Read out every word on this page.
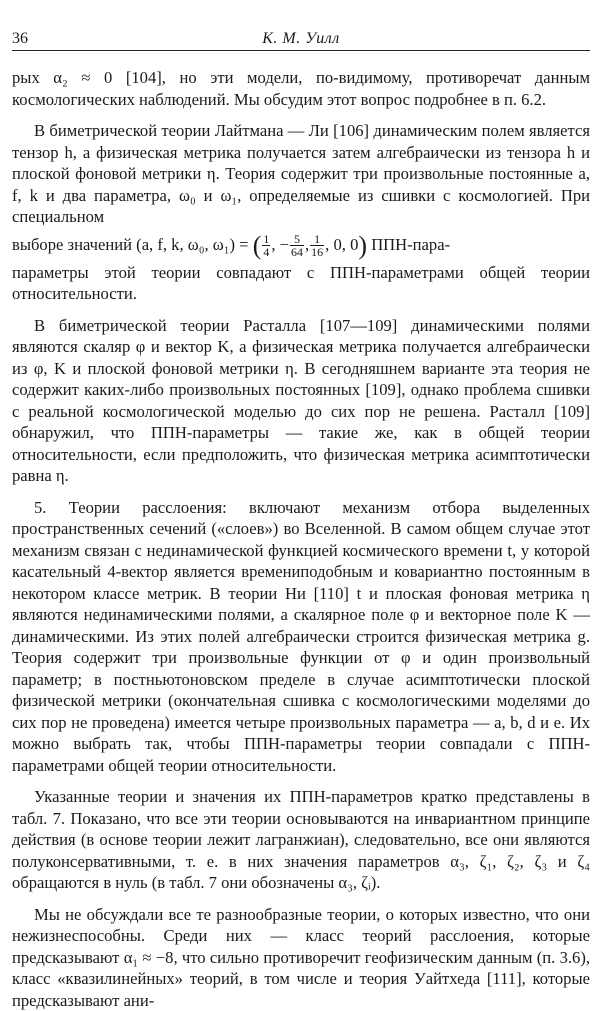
36	К. М. Уилл

рых α₂ ≈ 0 [104], но эти модели, по-видимому, противоречат данным космологических наблюдений. Мы обсудим этот вопрос подробнее в п. 6.2.

В биметрической теории Лайтмана — Ли [106] динамическим полем является тензор h, а физическая метрика получается затем алгебраически из тензора h и плоской фоновой метрики η. Теория содержит три произвольные постоянные a, f, k и два параметра, ω₀ и ω₁, определяемые из сшивки с космологией. При специальном

выборе значений (a, f, k, ω₀, ω₁) = ( $\frac{1}{4}$ , − $\frac{5}{64}$ , $\frac{1}{16}$ , 0, 0) ППН-пара-

параметры этой теории совпадают с ППН-параметрами общей теории относительности.

В биметрической теории Расталла [107—109] динамическими полями являются скаляр φ и вектор K, а физическая метрика получается алгебраически из φ, K и плоской фоновой метрики η. В сегодняшнем варианте эта теория не содержит каких-либо произвольных постоянных [109], однако проблема сшивки с реальной космологической моделью до сих пор не решена. Расталл [109] обнаружил, что ППН-параметры — такие же, как в общей теории относительности, если предположить, что физическая метрика асимптотически равна η.

5. Теории расслоения: включают механизм отбора выделенных пространственных сечений («слоев») во Вселенной. В самом общем случае этот механизм связан с нединамической функцией космического времени t, у которой касательный 4-вектор является времениподобным и ковариантно постоянным в некотором классе метрик. В теории Ни [110] t и плоская фоновая метрика η являются нединамическими полями, а скалярное поле φ и векторное поле K — динамическими. Из этих полей алгебраически строится физическая метрика g. Теория содержит три произвольные функции от φ и один произвольный параметр; в постньютоновском пределе в случае асимптотически плоской физической метрики (окончательная сшивка с космологическими моделями до сих пор не проведена) имеется четыре произвольных параметра — a, b, d и e. Их можно выбрать так, чтобы ППН-параметры теории совпадали с ППН-параметрами общей теории относительности.

Указанные теории и значения их ППН-параметров кратко представлены в табл. 7. Показано, что все эти теории основываются на инвариантном принципе действия (в основе теории лежит лагранжиан), следовательно, все они являются полуконсервативными, т. е. в них значения параметров α₃, ζ₁, ζ₂, ζ₃ и ζ₄ обращаются в нуль (в табл. 7 они обозначены α₃, ζᵢ).

Мы не обсуждали все те разнообразные теории, о которых известно, что они нежизнеспособны. Среди них — класс теорий расслоения, которые предсказывают α₁ ≈ −8, что сильно противоречит геофизическим данным (п. 3.6), класс «квазилинейных» теорий, в том числе и теория Уайтхеда [111], которые предсказывают ани-
